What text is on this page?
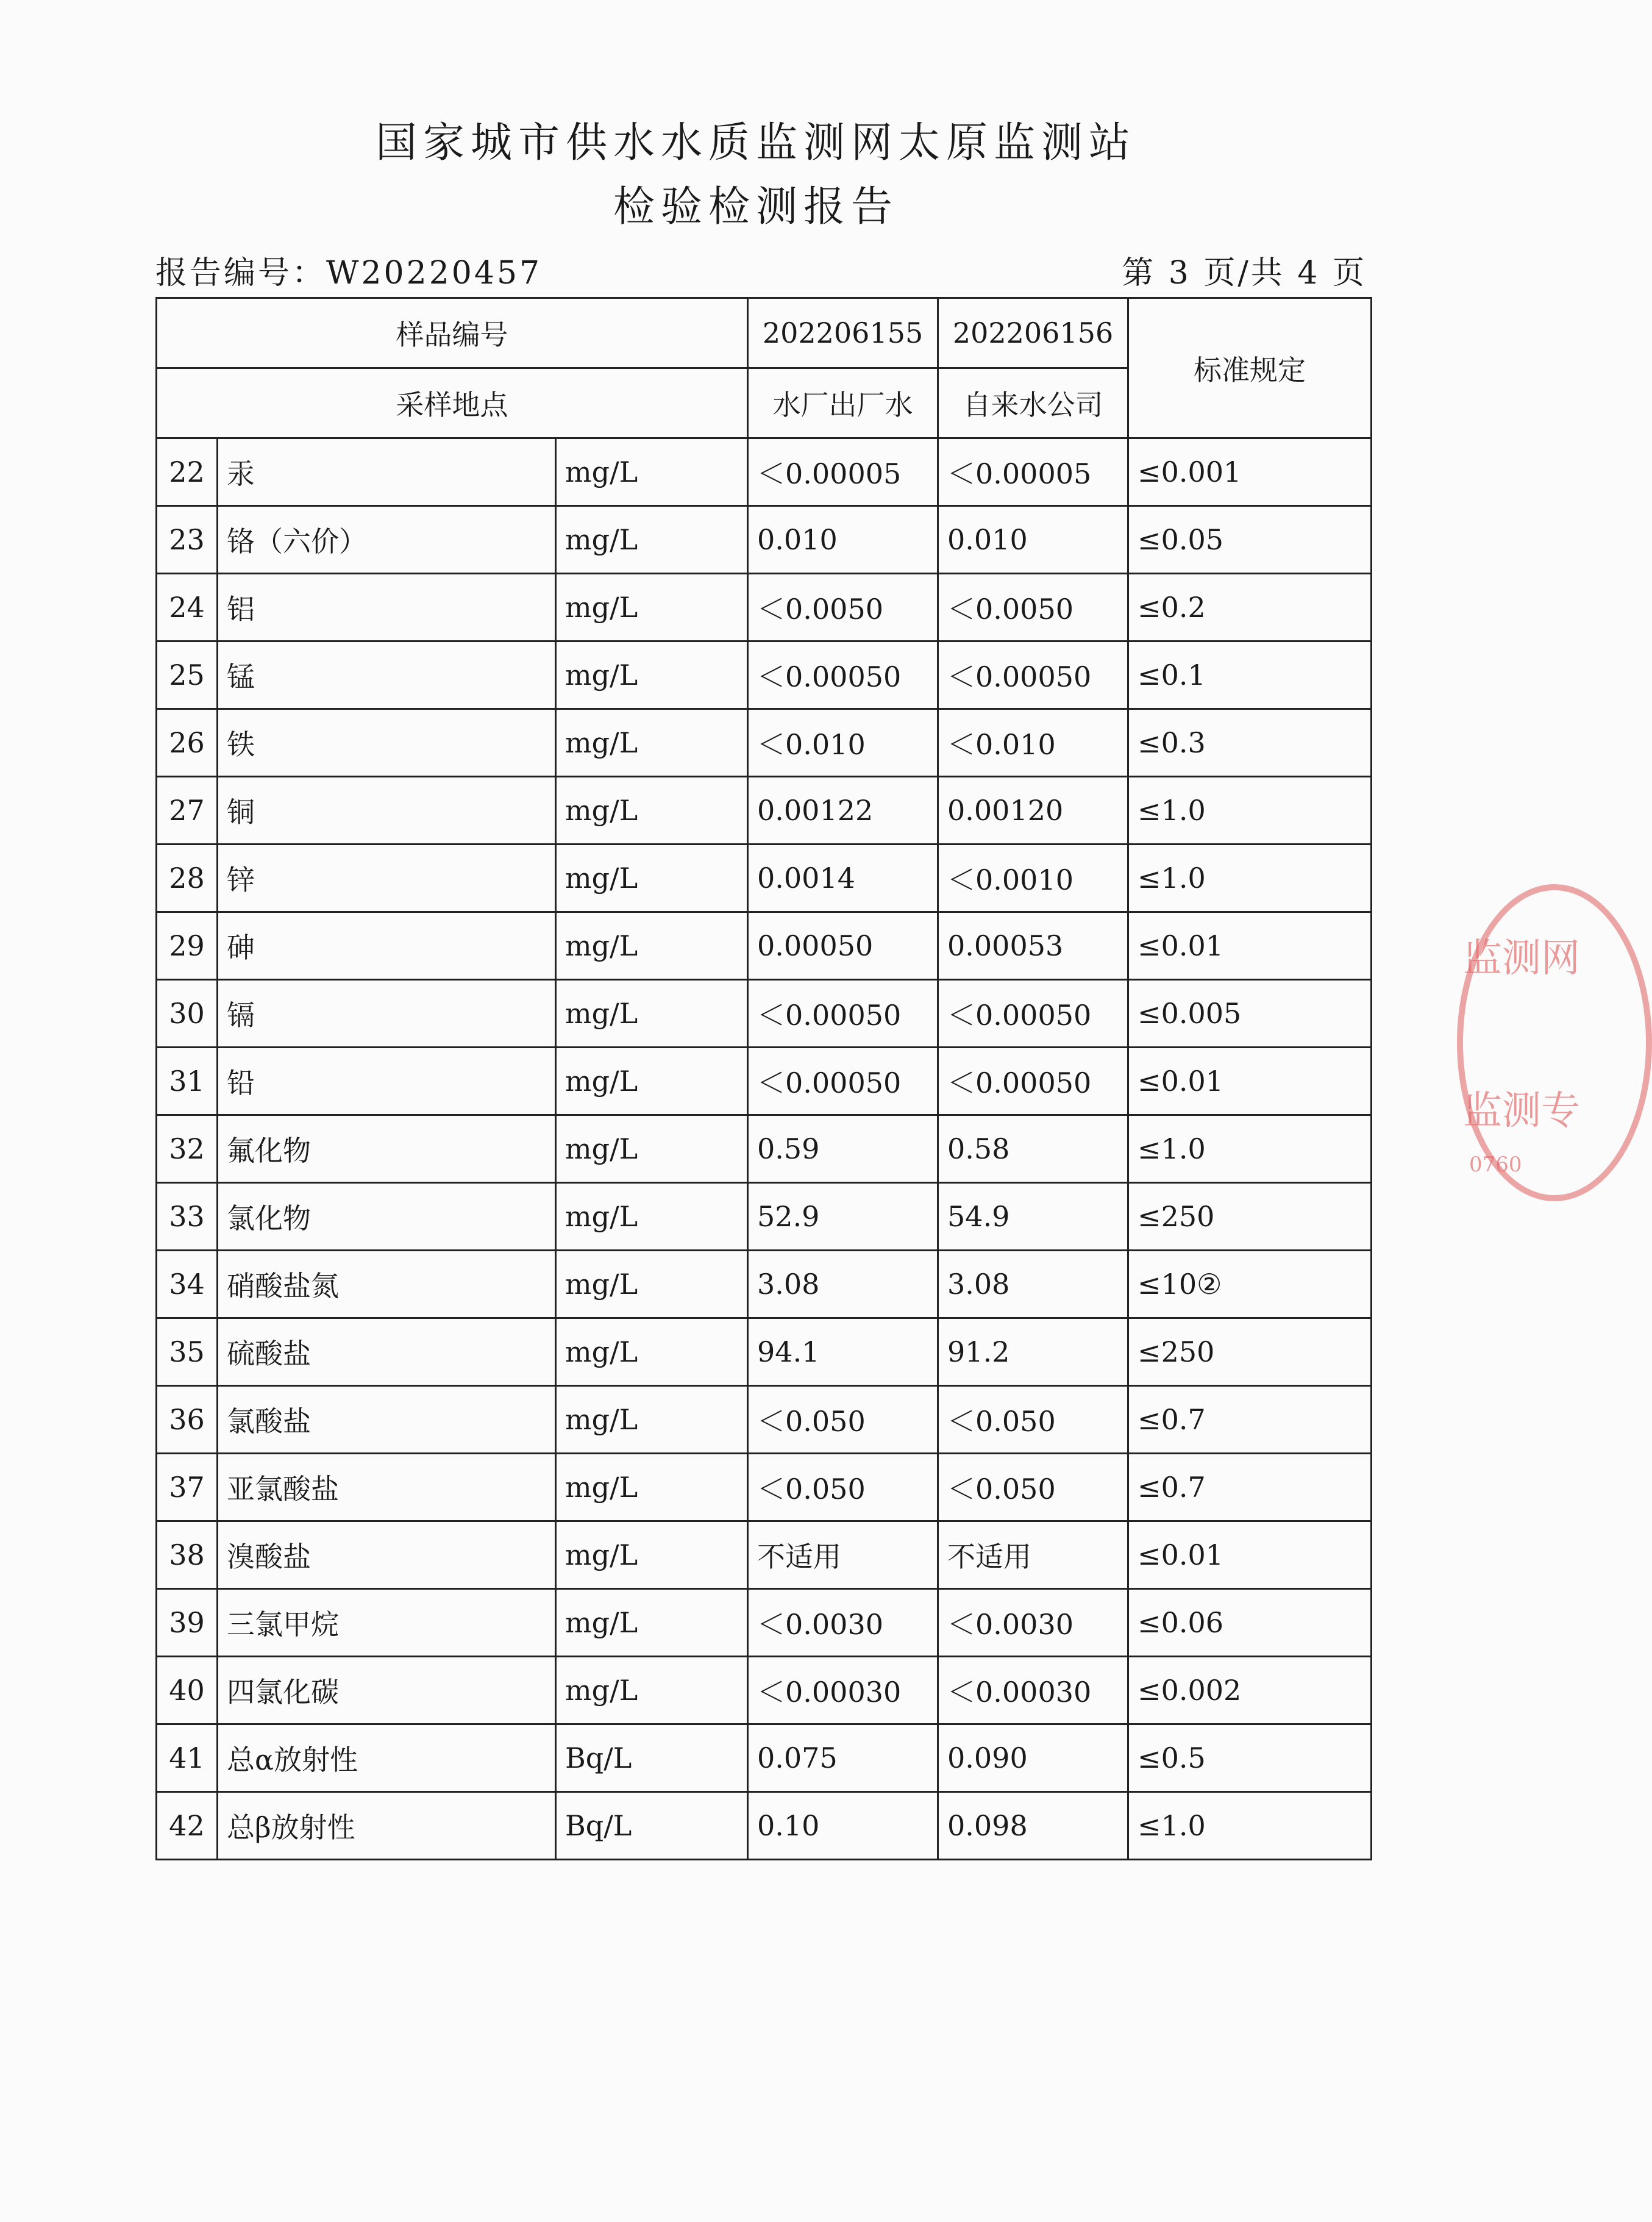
国家城市供水水质监测网太原监测站
检验检测报告
报告编号：W20220457	第 3 页/共 4 页
样品编号			202206155	202206156	标准规定
采样地点			水厂出厂水	自来水公司	
22	汞	mg/L	＜0.00005	＜0.00005	≤0.001
23	铬（六价）	mg/L	0.010	0.010	≤0.05
24	铝	mg/L	＜0.0050	＜0.0050	≤0.2
25	锰	mg/L	＜0.00050	＜0.00050	≤0.1
26	铁	mg/L	＜0.010	＜0.010	≤0.3
27	铜	mg/L	0.00122	0.00120	≤1.0
28	锌	mg/L	0.0014	＜0.0010	≤1.0
29	砷	mg/L	0.00050	0.00053	≤0.01
30	镉	mg/L	＜0.00050	＜0.00050	≤0.005
31	铅	mg/L	＜0.00050	＜0.00050	≤0.01
32	氟化物	mg/L	0.59	0.58	≤1.0
33	氯化物	mg/L	52.9	54.9	≤250
34	硝酸盐氮	mg/L	3.08	3.08	≤10②
35	硫酸盐	mg/L	94.1	91.2	≤250
36	氯酸盐	mg/L	＜0.050	＜0.050	≤0.7
37	亚氯酸盐	mg/L	＜0.050	＜0.050	≤0.7
38	溴酸盐	mg/L	不适用	不适用	≤0.01
39	三氯甲烷	mg/L	＜0.0030	＜0.0030	≤0.06
40	四氯化碳	mg/L	＜0.00030	＜0.00030	≤0.002
41	总α放射性	Bq/L	0.075	0.090	≤0.5
42	总β放射性	Bq/L	0.10	0.098	≤1.0
监测网
监测专
0760
